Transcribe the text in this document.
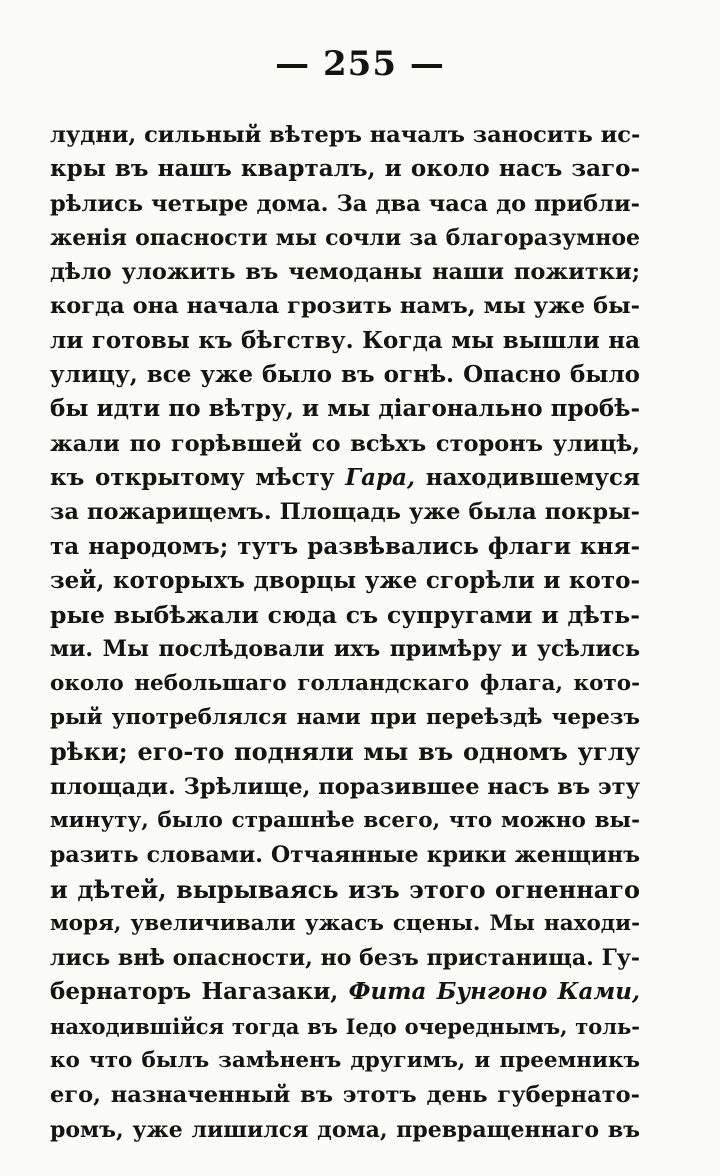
— 255 —
лудни, сильный вѣтеръ началъ заносить ис-
кры въ нашъ кварталъ, и около насъ заго-
рѣлись четыре дома. За два часа до прибли-
женія опасности мы сочли за благоразумное
дѣло уложить въ чемоданы наши пожитки;
когда она начала грозить намъ, мы уже бы-
ли готовы къ бѣгству. Когда мы вышли на
улицу, все уже было въ огнѣ. Опасно было
бы идти по вѣтру, и мы діагонально пробѣ-
жали по горѣвшей со всѣхъ сторонъ улицѣ,
къ открытому мѣсту Гара, находившемуся
за пожарищемъ. Площадь уже была покры-
та народомъ; тутъ развѣвались флаги кня-
зей, которыхъ дворцы уже сгорѣли и кото-
рые выбѣжали сюда съ супругами и дѣть-
ми. Мы послѣдовали ихъ примѣру и усѣлись
около небольшаго голландскаго флага, кото-
рый употреблялся нами при переѣздѣ черезъ
рѣки; его-то подняли мы въ одномъ углу
площади. Зрѣлище, поразившее насъ въ эту
минуту, было страшнѣе всего, что можно вы-
разить словами. Отчаянные крики женщинъ
и дѣтей, вырываясь изъ этого огненнаго
моря, увеличивали ужасъ сцены. Мы находи-
лись внѣ опасности, но безъ пристанища. Гу-
бернаторъ Нагазаки, Фита Бунгоно Ками,
находившійся тогда въ Іедо очереднымъ, толь-
ко что былъ замѣненъ другимъ, и преемникъ
его, назначенный въ этотъ день губернато-
ромъ, уже лишился дома, превращеннаго въ
